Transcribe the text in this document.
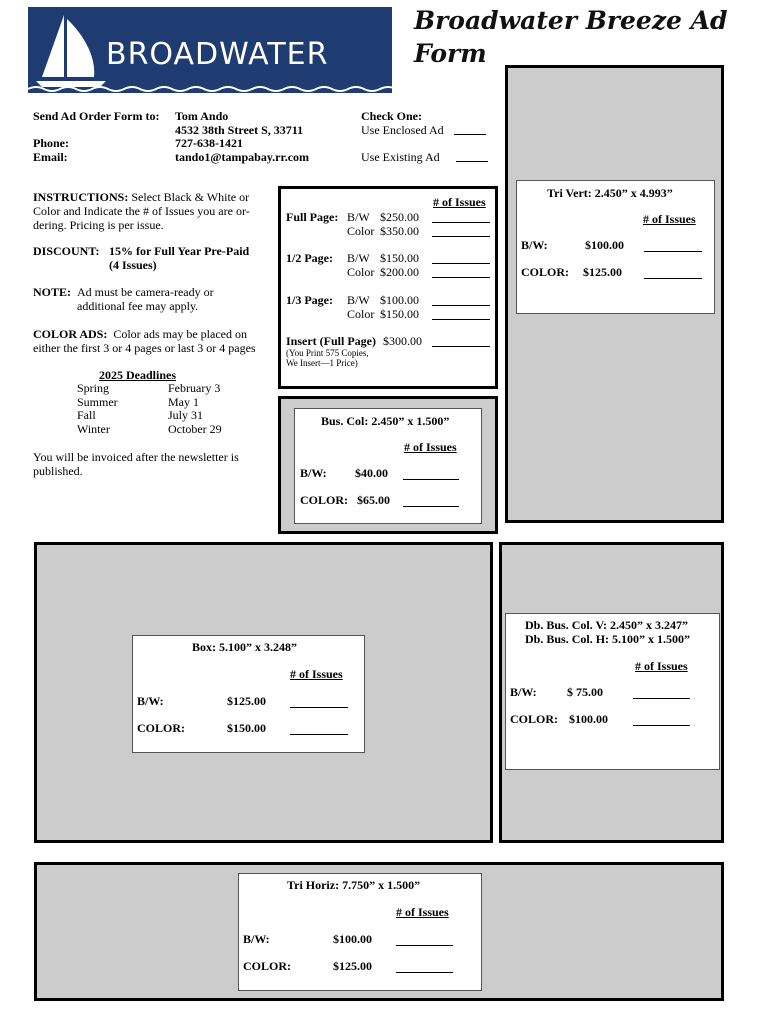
BROADWATER
Broadwater Breeze Ad Form
Send Ad Order Form to: Tom Ando
4532 38th Street S, 33711
Phone:	727-638-1421
Email:	tando1@tampabay.rr.com
Check One:
Use Enclosed Ad
Use Existing Ad
INSTRUCTIONS: Select Black & White or
Color and Indicate the # of Issues you are or-
dering. Pricing is per issue.
DISCOUNT: 15% for Full Year Pre-Paid
(4 Issues)
NOTE: Ad must be camera-ready or
additional fee may apply.
COLOR ADS: Color ads may be placed on
either the first 3 or 4 pages or last 3 or 4 pages
2025 Deadlines
Spring	February 3
Summer	May 1
Fall	July 31
Winter	October 29
You will be invoiced after the newsletter is
published.
# of Issues
Full Page: B/W $250.00
Color $350.00
1/2 Page: B/W $150.00
Color $200.00
1/3 Page: B/W $100.00
Color $150.00
Insert (Full Page) $300.00
(You Print 575 Copies,
We Insert—1 Price)
Tri Vert: 2.450” x 4.993”
# of Issues
B/W:	$100.00
COLOR: $125.00
Bus. Col: 2.450” x 1.500”
# of Issues
B/W: $40.00
COLOR: $65.00
Box: 5.100” x 3.248”
# of Issues
B/W:	$125.00
COLOR:	$150.00
Db. Bus. Col. V: 2.450” x 3.247”
Db. Bus. Col. H: 5.100” x 1.500”
# of Issues
B/W:	$ 75.00
COLOR: $100.00
Tri Horiz: 7.750” x 1.500”
# of Issues
B/W:	$100.00
COLOR:	$125.00
